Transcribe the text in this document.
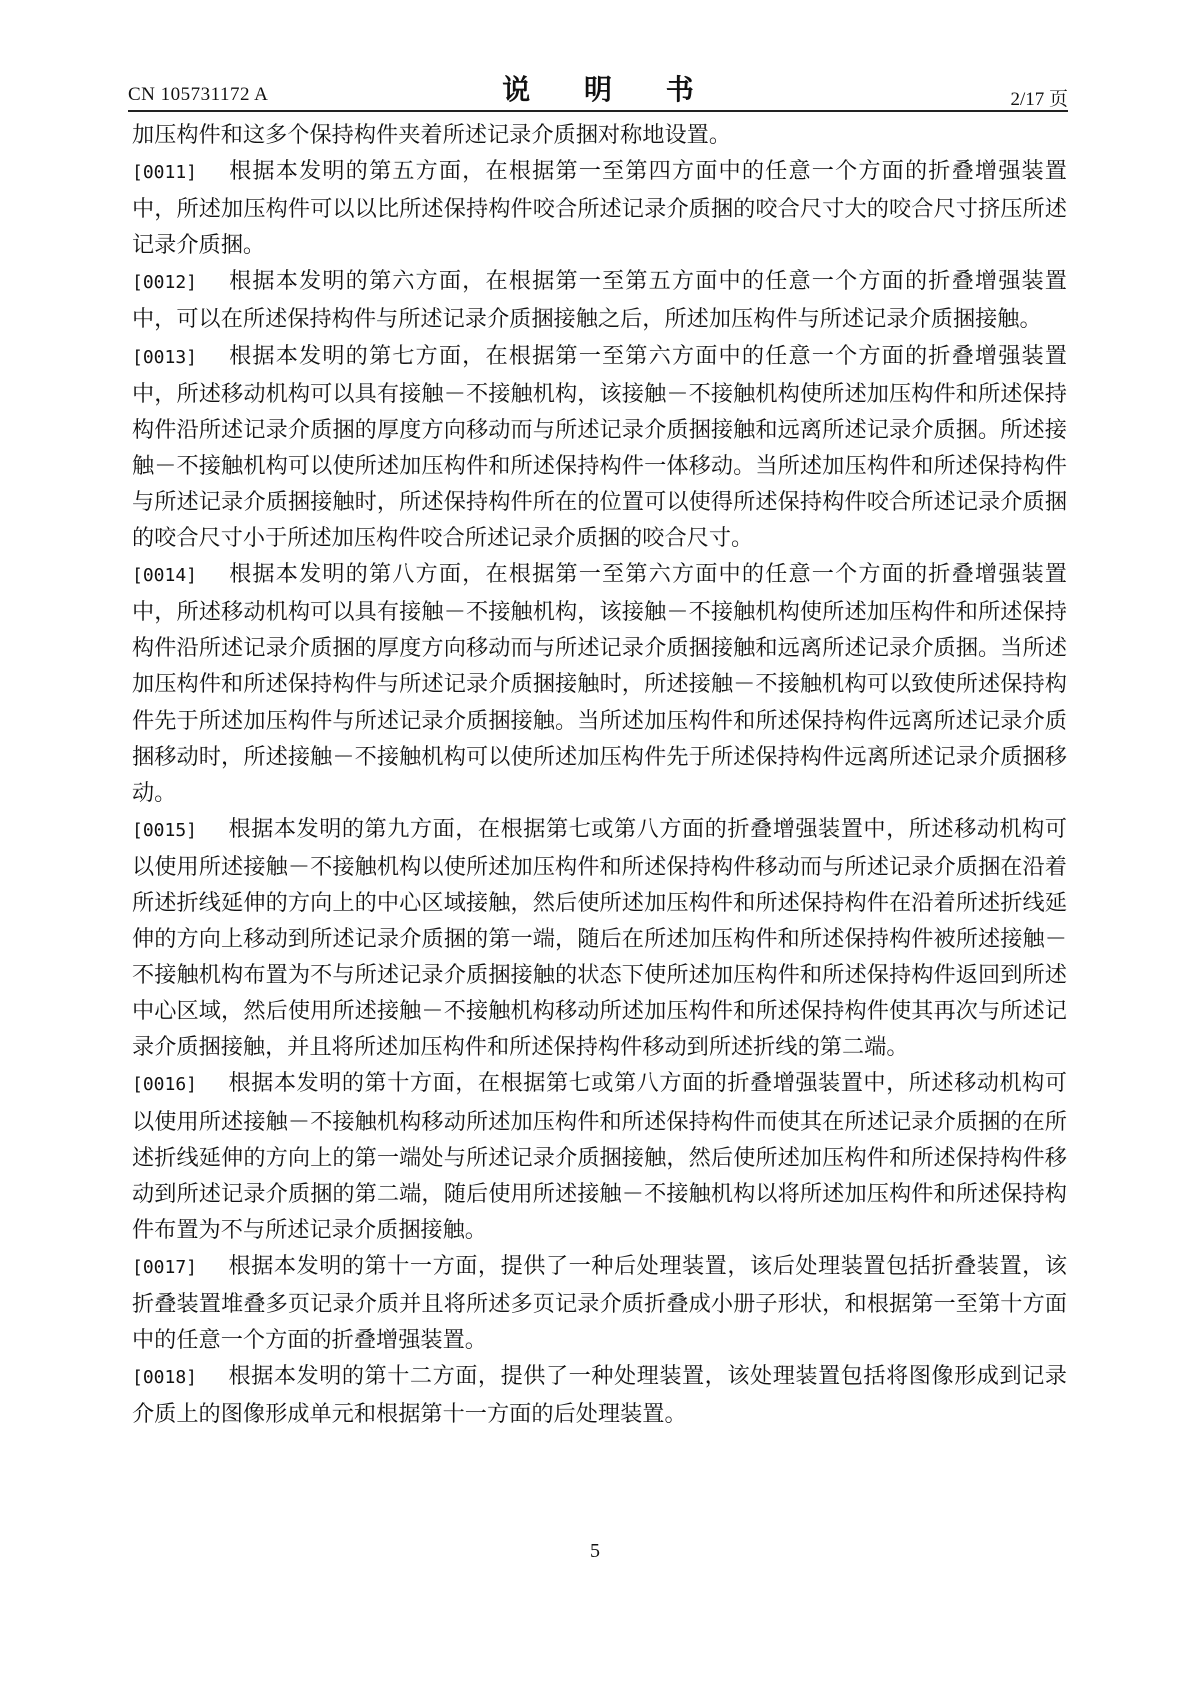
CN 105731172 A	说 明 书	2/17 页

加压构件和这多个保持构件夹着所述记录介质捆对称地设置。

[0011] 根据本发明的第五方面，在根据第一至第四方面中的任意一个方面的折叠增强装置中，所述加压构件可以以比所述保持构件咬合所述记录介质捆的咬合尺寸大的咬合尺寸挤压所述记录介质捆。

[0012] 根据本发明的第六方面，在根据第一至第五方面中的任意一个方面的折叠增强装置中，可以在所述保持构件与所述记录介质捆接触之后，所述加压构件与所述记录介质捆接触。

[0013] 根据本发明的第七方面，在根据第一至第六方面中的任意一个方面的折叠增强装置中，所述移动机构可以具有接触－不接触机构，该接触－不接触机构使所述加压构件和所述保持构件沿所述记录介质捆的厚度方向移动而与所述记录介质捆接触和远离所述记录介质捆。所述接触－不接触机构可以使所述加压构件和所述保持构件一体移动。当所述加压构件和所述保持构件与所述记录介质捆接触时，所述保持构件所在的位置可以使得所述保持构件咬合所述记录介质捆的咬合尺寸小于所述加压构件咬合所述记录介质捆的咬合尺寸。

[0014] 根据本发明的第八方面，在根据第一至第六方面中的任意一个方面的折叠增强装置中，所述移动机构可以具有接触－不接触机构，该接触－不接触机构使所述加压构件和所述保持构件沿所述记录介质捆的厚度方向移动而与所述记录介质捆接触和远离所述记录介质捆。当所述加压构件和所述保持构件与所述记录介质捆接触时，所述接触－不接触机构可以致使所述保持构件先于所述加压构件与所述记录介质捆接触。当所述加压构件和所述保持构件远离所述记录介质捆移动时，所述接触－不接触机构可以使所述加压构件先于所述保持构件远离所述记录介质捆移动。

[0015] 根据本发明的第九方面，在根据第七或第八方面的折叠增强装置中，所述移动机构可以使用所述接触－不接触机构以使所述加压构件和所述保持构件移动而与所述记录介质捆在沿着所述折线延伸的方向上的中心区域接触，然后使所述加压构件和所述保持构件在沿着所述折线延伸的方向上移动到所述记录介质捆的第一端，随后在所述加压构件和所述保持构件被所述接触－不接触机构布置为不与所述记录介质捆接触的状态下使所述加压构件和所述保持构件返回到所述中心区域，然后使用所述接触－不接触机构移动所述加压构件和所述保持构件使其再次与所述记录介质捆接触，并且将所述加压构件和所述保持构件移动到所述折线的第二端。

[0016] 根据本发明的第十方面，在根据第七或第八方面的折叠增强装置中，所述移动机构可以使用所述接触－不接触机构移动所述加压构件和所述保持构件而使其在所述记录介质捆的在所述折线延伸的方向上的第一端处与所述记录介质捆接触，然后使所述加压构件和所述保持构件移动到所述记录介质捆的第二端，随后使用所述接触－不接触机构以将所述加压构件和所述保持构件布置为不与所述记录介质捆接触。

[0017] 根据本发明的第十一方面，提供了一种后处理装置，该后处理装置包括折叠装置，该折叠装置堆叠多页记录介质并且将所述多页记录介质折叠成小册子形状，和根据第一至第十方面中的任意一个方面的折叠增强装置。

[0018] 根据本发明的第十二方面，提供了一种处理装置，该处理装置包括将图像形成到记录介质上的图像形成单元和根据第十一方面的后处理装置。

5
